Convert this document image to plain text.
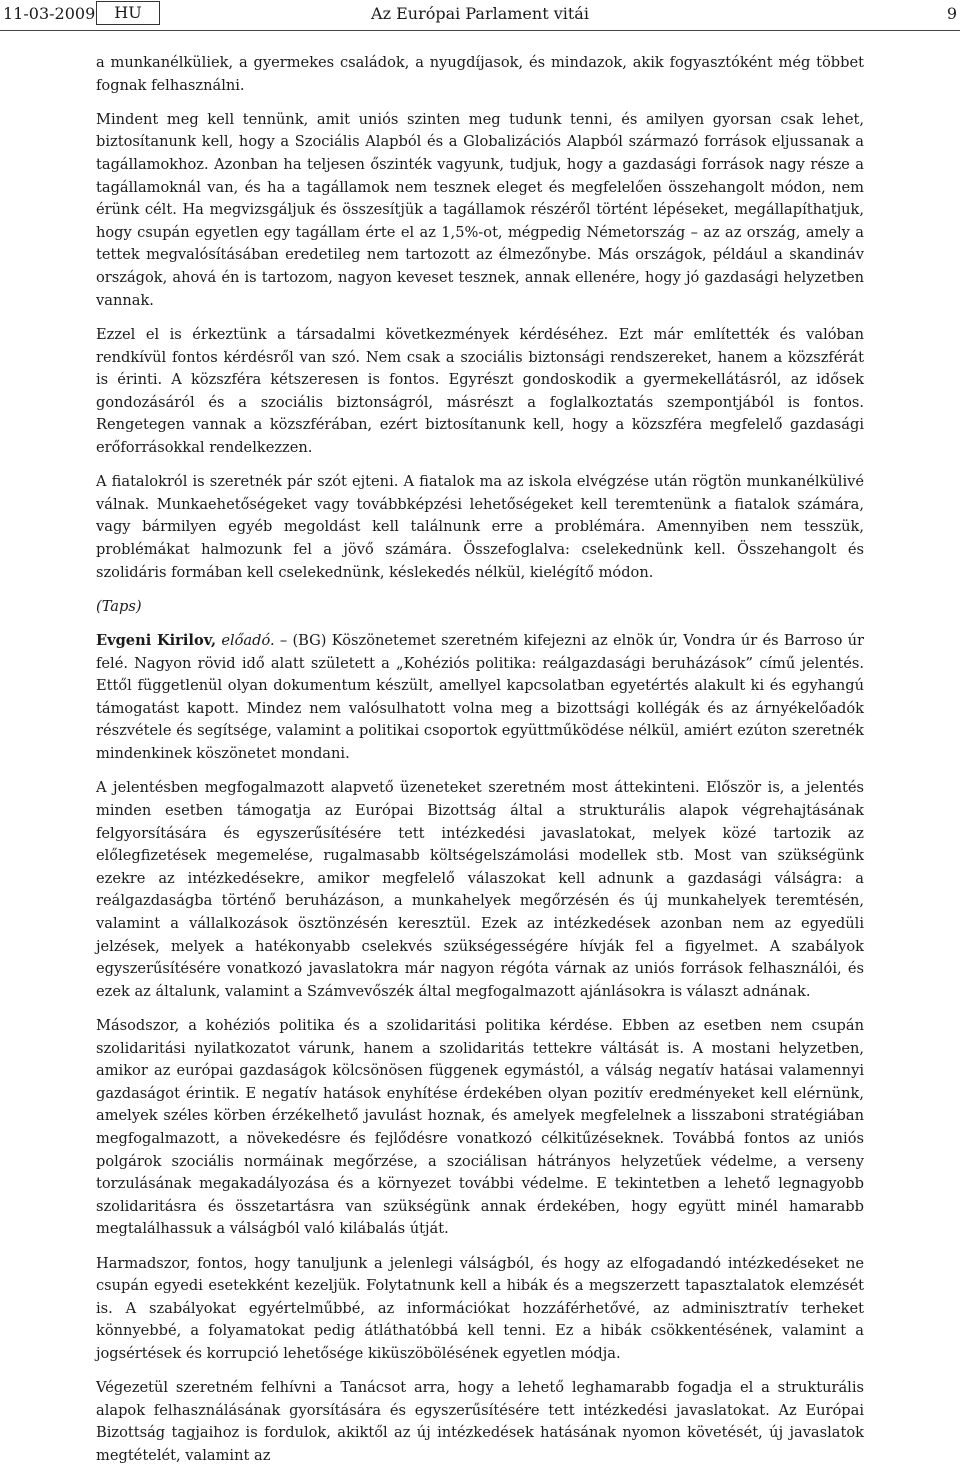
11-03-2009	HU	Az Európai Parlament vitái	9

a munkanélküliek, a gyermekes családok, a nyugdíjasok, és mindazok, akik fogyasztóként még többet fognak felhasználni.

Mindent meg kell tennünk, amit uniós szinten meg tudunk tenni, és amilyen gyorsan csak lehet, biztosítanunk kell, hogy a Szociális Alapból és a Globalizációs Alapból származó források eljussanak a tagállamokhoz. Azonban ha teljesen őszinték vagyunk, tudjuk, hogy a gazdasági források nagy része a tagállamoknál van, és ha a tagállamok nem tesznek eleget és megfelelően összehangolt módon, nem érünk célt. Ha megvizsgáljuk és összesítjük a tagállamok részéről történt lépéseket, megállapíthatjuk, hogy csupán egyetlen egy tagállam érte el az 1,5%-ot, mégpedig Németország – az az ország, amely a tettek megvalósításában eredetileg nem tartozott az élmezőnybe. Más országok, például a skandináv országok, ahová én is tartozom, nagyon keveset tesznek, annak ellenére, hogy jó gazdasági helyzetben vannak.

Ezzel el is érkeztünk a társadalmi következmények kérdéséhez. Ezt már említették és valóban rendkívül fontos kérdésről van szó. Nem csak a szociális biztonsági rendszereket, hanem a közszférát is érinti. A közszféra kétszeresen is fontos. Egyrészt gondoskodik a gyermekellátásról, az idősek gondozásáról és a szociális biztonságról, másrészt a foglalkoztatás szempontjából is fontos. Rengetegen vannak a közszférában, ezért biztosítanunk kell, hogy a közszféra megfelelő gazdasági erőforrásokkal rendelkezzen.

A fiatalokról is szeretnék pár szót ejteni. A fiatalok ma az iskola elvégzése után rögtön munkanélkülivé válnak. Munkaehetőségeket vagy továbbképzési lehetőségeket kell teremtenünk a fiatalok számára, vagy bármilyen egyéb megoldást kell találnunk erre a problémára. Amennyiben nem tesszük, problémákat halmozunk fel a jövő számára. Összefoglalva: cselekednünk kell. Összehangolt és szolidáris formában kell cselekednünk, késlekedés nélkül, kielégítő módon.

(Taps)

Evgeni Kirilov, előadó. – (BG) Köszönetemet szeretném kifejezni az elnök úr, Vondra úr és Barroso úr felé. Nagyon rövid idő alatt született a „Kohéziós politika: reálgazdasági beruházások” című jelentés. Ettől függetlenül olyan dokumentum készült, amellyel kapcsolatban egyetértés alakult ki és egyhangú támogatást kapott. Mindez nem valósulhatott volna meg a bizottsági kollégák és az árnyékelőadók részvétele és segítsége, valamint a politikai csoportok együttműködése nélkül, amiért ezúton szeretnék mindenkinek köszönetet mondani.

A jelentésben megfogalmazott alapvető üzeneteket szeretném most áttekinteni. Először is, a jelentés minden esetben támogatja az Európai Bizottság által a strukturális alapok végrehajtásának felgyorsítására és egyszerűsítésére tett intézkedési javaslatokat, melyek közé tartozik az előlegfizetések megemelése, rugalmasabb költségelszámolási modellek stb. Most van szükségünk ezekre az intézkedésekre, amikor megfelelő válaszokat kell adnunk a gazdasági válságra: a reálgazdaságba történő beruházáson, a munkahelyek megőrzésén és új munkahelyek teremtésén, valamint a vállalkozások ösztönzésén keresztül. Ezek az intézkedések azonban nem az egyedüli jelzések, melyek a hatékonyabb cselekvés szükségességére hívják fel a figyelmet. A szabályok egyszerűsítésére vonatkozó javaslatokra már nagyon régóta várnak az uniós források felhasználói, és ezek az általunk, valamint a Számvevőszék által megfogalmazott ajánlásokra is választ adnának.

Másodszor, a kohéziós politika és a szolidaritási politika kérdése. Ebben az esetben nem csupán szolidaritási nyilatkozatot várunk, hanem a szolidaritás tettekre váltását is. A mostani helyzetben, amikor az európai gazdaságok kölcsönösen függenek egymástól, a válság negatív hatásai valamennyi gazdaságot érintik. E negatív hatások enyhítése érdekében olyan pozitív eredményeket kell elérnünk, amelyek széles körben érzékelhető javulást hoznak, és amelyek megfelelnek a lisszaboni stratégiában megfogalmazott, a növekedésre és fejlődésre vonatkozó célkitűzéseknek. Továbbá fontos az uniós polgárok szociális normáinak megőrzése, a szociálisan hátrányos helyzetűek védelme, a verseny torzulásának megakadályozása és a környezet további védelme. E tekintetben a lehető legnagyobb szolidaritásra és összetartásra van szükségünk annak érdekében, hogy együtt minél hamarabb megtalálhassuk a válságból való kilábalás útját.

Harmadszor, fontos, hogy tanuljunk a jelenlegi válságból, és hogy az elfogadandó intézkedéseket ne csupán egyedi esetekként kezeljük. Folytatnunk kell a hibák és a megszerzett tapasztalatok elemzését is. A szabályokat egyértelműbbé, az információkat hozzáférhetővé, az adminisztratív terheket könnyebbé, a folyamatokat pedig átláthatóbbá kell tenni. Ez a hibák csökkentésének, valamint a jogsértések és korrupció lehetősége kiküszöbölésének egyetlen módja.

Végezetül szeretném felhívni a Tanácsot arra, hogy a lehető leghamarabb fogadja el a strukturális alapok felhasználásának gyorsítására és egyszerűsítésére tett intézkedési javaslatokat. Az Európai Bizottság tagjaihoz is fordulok, akiktől az új intézkedések hatásának nyomon követését, új javaslatok megtételét, valamint az
